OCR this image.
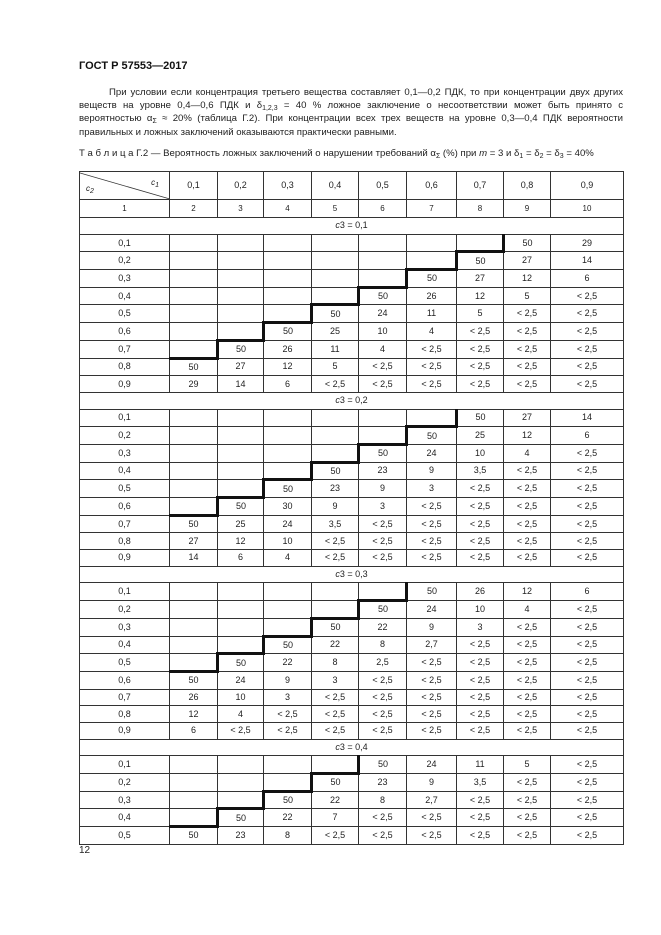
ГОСТ Р 57553—2017
При условии если концентрация третьего вещества составляет 0,1—0,2 ПДК, то при концентрации двух других веществ на уровне 0,4—0,6 ПДК и $\delta_{1,2,3} = 40$ % ложное заключение о несоответствии может быть принято с вероятностью $\alpha_\Sigma \approx 20\%$ (таблица Г.2). При концентрации всех трех веществ на уровне 0,3—0,4 ПДК вероятности правильных и ложных заключений оказываются практически равными.
Т а б л и ц а Г.2 — Вероятность ложных заключений о нарушении требований $\alpha_\Sigma$ (%) при m = 3 и $\delta_1 = \delta_2 = \delta_3 = 40\%$
$c_1$
$c_2$	0,1	0,2	0,3	0,4	0,5	0,6	0,7	0,8	0,9
1	2	3	4	5	6	7	8	9	10
c3 = 0,1									
0,1								50	29
0,2							50	27	14
0,3						50	27	12	6
0,4					50	26	12	5	< 2,5
0,5				50	24	11	5	< 2,5	< 2,5
0,6			50	25	10	4	< 2,5	< 2,5	< 2,5
0,7		50	26	11	4	< 2,5	< 2,5	< 2,5	< 2,5
0,8	50	27	12	5	< 2,5	< 2,5	< 2,5	< 2,5	< 2,5
0,9	29	14	6	< 2,5	< 2,5	< 2,5	< 2,5	< 2,5	< 2,5
c3 = 0,2									
0,1							50	27	14
0,2						50	25	12	6
0,3					50	24	10	4	< 2,5
0,4				50	23	9	3,5	< 2,5	< 2,5
0,5			50	23	9	3	< 2,5	< 2,5	< 2,5
0,6		50	30	9	3	< 2,5	< 2,5	< 2,5	< 2,5
0,7	50	25	24	3,5	< 2,5	< 2,5	< 2,5	< 2,5	< 2,5
0,8	27	12	10	< 2,5	< 2,5	< 2,5	< 2,5	< 2,5	< 2,5
0,9	14	6	4	< 2,5	< 2,5	< 2,5	< 2,5	< 2,5	< 2,5
c3 = 0,3									
0,1						50	26	12	6
0,2					50	24	10	4	< 2,5
0,3				50	22	9	3	< 2,5	< 2,5
0,4			50	22	8	2,7	< 2,5	< 2,5	< 2,5
0,5		50	22	8	2,5	< 2,5	< 2,5	< 2,5	< 2,5
0,6	50	24	9	3	< 2,5	< 2,5	< 2,5	< 2,5	< 2,5
0,7	26	10	3	< 2,5	< 2,5	< 2,5	< 2,5	< 2,5	< 2,5
0,8	12	4	< 2,5	< 2,5	< 2,5	< 2,5	< 2,5	< 2,5	< 2,5
0,9	6	< 2,5	< 2,5	< 2,5	< 2,5	< 2,5	< 2,5	< 2,5	< 2,5
c3 = 0,4									
0,1					50	24	11	5	< 2,5
0,2				50	23	9	3,5	< 2,5	< 2,5
0,3			50	22	8	2,7	< 2,5	< 2,5	< 2,5
0,4		50	22	7	< 2,5	< 2,5	< 2,5	< 2,5	< 2,5
0,5	50	23	8	< 2,5	< 2,5	< 2,5	< 2,5	< 2,5	< 2,5
12
